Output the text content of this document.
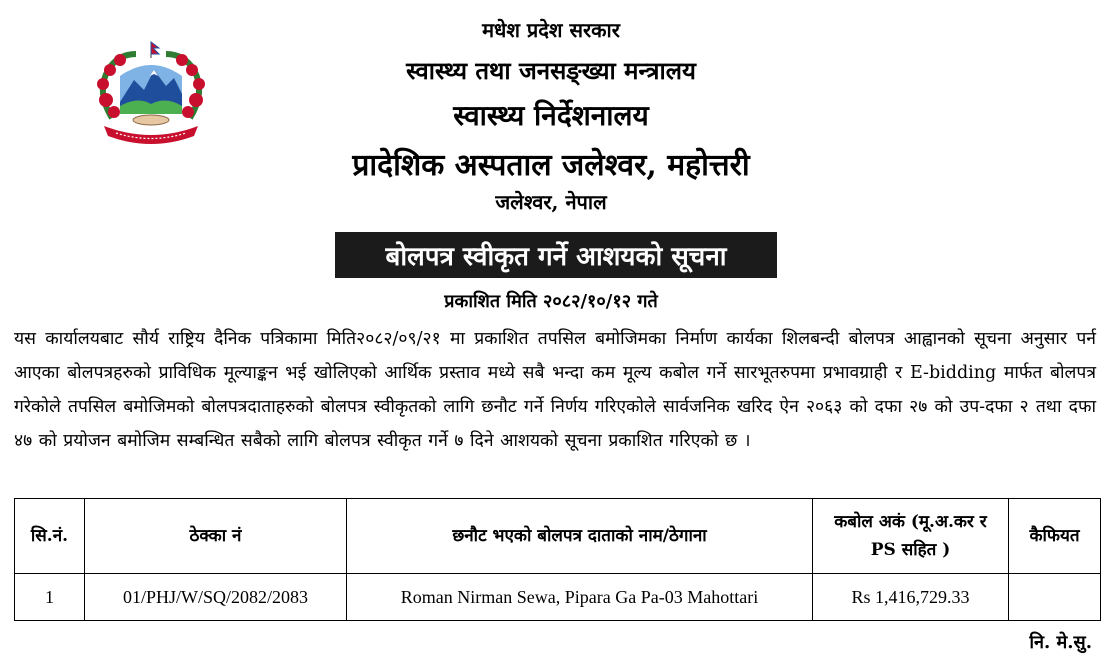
मधेश प्रदेश सरकार
स्वास्थ्य तथा जनसङ्ख्या मन्त्रालय
स्वास्थ्य निर्देशनालय
प्रादेशिक अस्पताल जलेश्वर, महोत्तरी
जलेश्वर, नेपाल
बोलपत्र स्वीकृत गर्ने आशयको सूचना
प्रकाशित मिति २०८२/१०/१२ गते
यस कार्यालयबाट सौर्य राष्ट्रिय दैनिक पत्रिकामा मिति२०८२/०९/२१ मा प्रकाशित तपसिल बमोजिमका निर्माण कार्यका शिलबन्दी बोलपत्र आह्वानको सूचना अनुसार पर्न आएका बोलपत्रहरुको प्राविधिक मूल्याङ्कन भई खोलिएको आर्थिक प्रस्ताव मध्ये सबै भन्दा कम मूल्य कबोल गर्ने सारभूतरुपमा प्रभावग्राही र E-bidding मार्फत बोलपत्र गरेकोले तपसिल बमोजिमको बोलपत्रदाताहरुको बोलपत्र स्वीकृतको लागि छनौट गर्ने निर्णय गरिएकोले सार्वजनिक खरिद ऐन २०६३ को दफा २७ को उप-दफा २ तथा दफा ४७ को प्रयोजन बमोजिम सम्बन्धित सबैको लागि बोलपत्र स्वीकृत गर्ने ७ दिने आशयको सूचना प्रकाशित गरिएको छ ।
सि.नं.	ठेक्का नं	छनौट भएको बोलपत्र दाताको नाम/ठेगाना	कबोल अकं (मू.अ.कर र PS सहित )	कैफियत
1	01/PHJ/W/SQ/2082/2083	Roman Nirman Sewa, Pipara Ga Pa-03 Mahottari	Rs 1,416,729.33	
नि. मे.सु.
